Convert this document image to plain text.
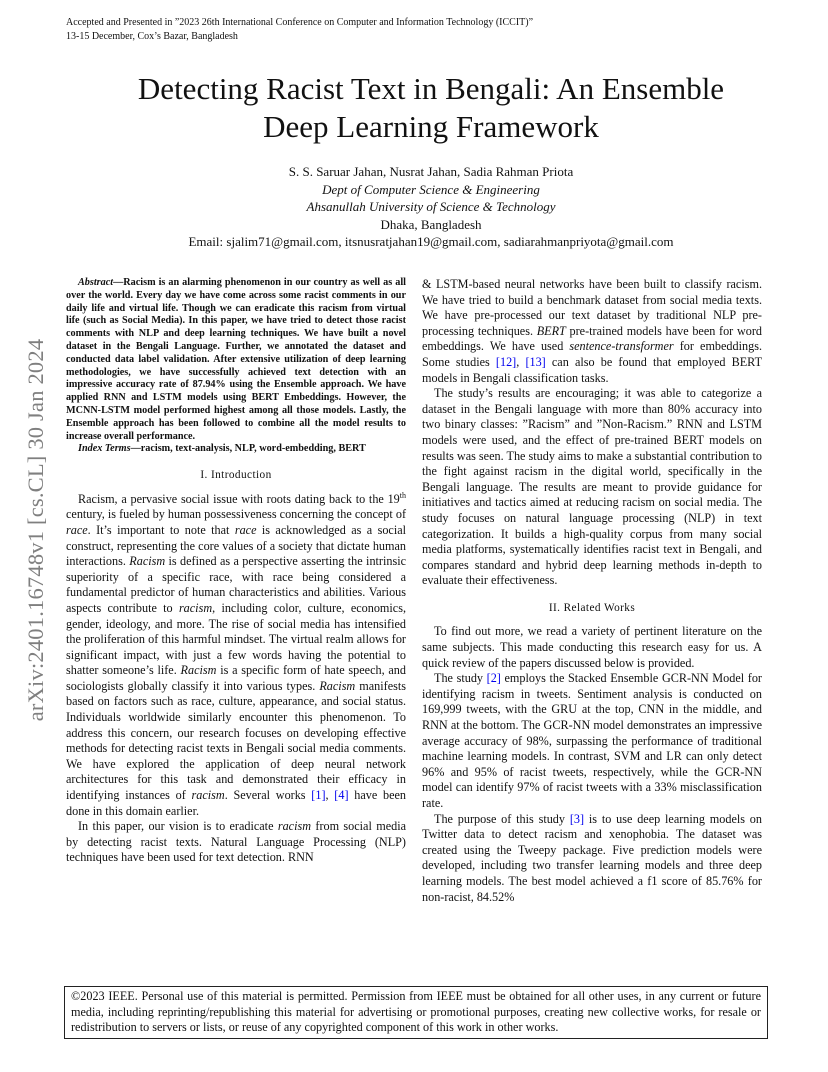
Accepted and Presented in ”2023 26th International Conference on Computer and Information Technology (ICCIT)”
13-15 December, Cox’s Bazar, Bangladesh
arXiv:2401.16748v1 [cs.CL] 30 Jan 2024
Detecting Racist Text in Bengali: An Ensemble
Deep Learning Framework
S. S. Saruar Jahan, Nusrat Jahan, Sadia Rahman Priota
Dept of Computer Science & Engineering
Ahsanullah University of Science & Technology
Dhaka, Bangladesh
Email: sjalim71@gmail.com, itsnusratjahan19@gmail.com, sadiarahmanpriyota@gmail.com

Abstract—Racism is an alarming phenomenon in our country as well as all over the world. Every day we have come across some racist comments in our daily life and virtual life. Though we can eradicate this racism from virtual life (such as Social Media). In this paper, we have tried to detect those racist comments with NLP and deep learning techniques. We have built a novel dataset in the Bengali Language. Further, we annotated the dataset and conducted data label validation. After extensive utilization of deep learning methodologies, we have successfully achieved text detection with an impressive accuracy rate of 87.94% using the Ensemble approach. We have applied RNN and LSTM models using BERT Embeddings. However, the MCNN-LSTM model performed highest among all those models. Lastly, the Ensemble approach has been followed to combine all the model results to increase overall performance.

Index Terms—racism, text-analysis, NLP, word-embedding, BERT

I. Introduction

Racism, a pervasive social issue with roots dating back to the 19th century, is fueled by human possessiveness concerning the concept of race. It’s important to note that race is acknowledged as a social construct, representing the core values of a society that dictate human interactions. Racism is defined as a perspective asserting the intrinsic superiority of a specific race, with race being considered a fundamental predictor of human characteristics and abilities. Various aspects contribute to racism, including color, culture, economics, gender, ideology, and more. The rise of social media has intensified the proliferation of this harmful mindset. The virtual realm allows for significant impact, with just a few words having the potential to shatter someone’s life. Racism is a specific form of hate speech, and sociologists globally classify it into various types. Racism manifests based on factors such as race, culture, appearance, and social status. Individuals worldwide similarly encounter this phenomenon. To address this concern, our research focuses on developing effective methods for detecting racist texts in Bengali social media comments. We have explored the application of deep neural network architectures for this task and demonstrated their efficacy in identifying instances of racism. Several works [1], [4] have been done in this domain earlier.

In this paper, our vision is to eradicate racism from social media by detecting racist texts. Natural Language Processing (NLP) techniques have been used for text detection. RNN

& LSTM-based neural networks have been built to classify racism. We have tried to build a benchmark dataset from social media texts. We have pre-processed our text dataset by traditional NLP pre-processing techniques. BERT pre-trained models have been for word embeddings. We have used sentence-transformer for embeddings. Some studies [12], [13] can also be found that employed BERT models in Bengali classification tasks.

The study’s results are encouraging; it was able to categorize a dataset in the Bengali language with more than 80% accuracy into two binary classes: ”Racism” and ”Non-Racism.” RNN and LSTM models were used, and the effect of pre-trained BERT models on results was seen. The study aims to make a substantial contribution to the fight against racism in the digital world, specifically in the Bengali language. The results are meant to provide guidance for initiatives and tactics aimed at reducing racism on social media. The study focuses on natural language processing (NLP) in text categorization. It builds a high-quality corpus from many social media platforms, systematically identifies racist text in Bengali, and compares standard and hybrid deep learning methods in-depth to evaluate their effectiveness.

II. Related Works

To find out more, we read a variety of pertinent literature on the same subjects. This made conducting this research easy for us. A quick review of the papers discussed below is provided.

The study [2] employs the Stacked Ensemble GCR-NN Model for identifying racism in tweets. Sentiment analysis is conducted on 169,999 tweets, with the GRU at the top, CNN in the middle, and RNN at the bottom. The GCR-NN model demonstrates an impressive average accuracy of 98%, surpassing the performance of traditional machine learning models. In contrast, SVM and LR can only detect 96% and 95% of racist tweets, respectively, while the GCR-NN model can identify 97% of racist tweets with a 33% misclassification rate.

The purpose of this study [3] is to use deep learning models on Twitter data to detect racism and xenophobia. The dataset was created using the Tweepy package. Five prediction models were developed, including two transfer learning models and three deep learning models. The best model achieved a f1 score of 85.76% for non-racist, 84.52%

©2023 IEEE. Personal use of this material is permitted. Permission from IEEE must be obtained for all other uses, in any current or future media, including reprinting/republishing this material for advertising or promotional purposes, creating new collective works, for resale or redistribution to servers or lists, or reuse of any copyrighted component of this work in other works.
